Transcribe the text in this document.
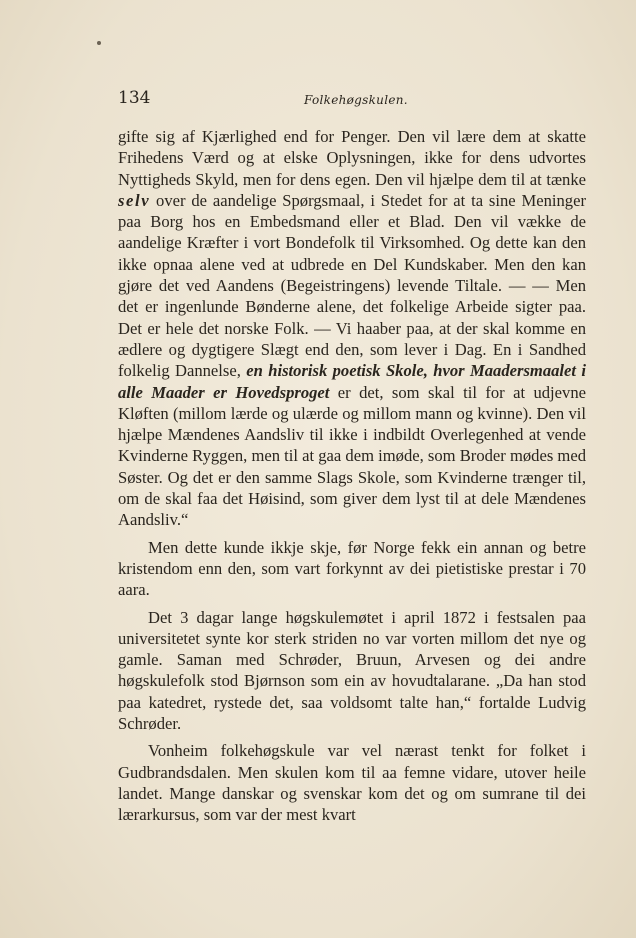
134	Folkehøgskulen.

gifte sig af Kjærlighed end for Penger. Den vil lære dem at skatte Frihedens Værd og at elske Oplysningen, ikke for dens udvortes Nyttigheds Skyld, men for dens egen. Den vil hjælpe dem til at tænke selv over de aandelige Spørgsmaal, i Stedet for at ta sine Meninger paa Borg hos en Embedsmand eller et Blad. Den vil vække de aandelige Kræfter i vort Bondefolk til Virksomhed. Og dette kan den ikke opnaa alene ved at udbrede en Del Kundskaber. Men den kan gjøre det ved Aandens (Begeistringens) levende Tiltale. — — Men det er ingenlunde Bønderne alene, det folkelige Arbeide sigter paa. Det er hele det norske Folk. — Vi haaber paa, at der skal komme en ædlere og dygtigere Slægt end den, som lever i Dag. En i Sandhed folkelig Dannelse, en historisk poetisk Skole, hvor Maadersmaalet i alle Maader er Hovedsproget er det, som skal til for at udjevne Kløften (millom lærde og ulærde og millom mann og kvinne). Den vil hjælpe Mændenes Aandsliv til ikke i indbildt Overlegenhed at vende Kvinderne Ryggen, men til at gaa dem imøde, som Broder mødes med Søster. Og det er den samme Slags Skole, som Kvinderne trænger til, om de skal faa det Høisind, som giver dem lyst til at dele Mændenes Aandsliv.“

Men dette kunde ikkje skje, før Norge fekk ein annan og betre kristendom enn den, som vart forkynnt av dei pietistiske prestar i 70 aara.

Det 3 dagar lange høgskulemøtet i april 1872 i festsalen paa universitetet synte kor sterk striden no var vorten millom det nye og gamle. Saman med Schrøder, Bruun, Arvesen og dei andre høgskulefolk stod Bjørnson som ein av hovudtalarane. „Da han stod paa katedret, rystede det, saa voldsomt talte han,“ fortalde Ludvig Schrøder.

Vonheim folkehøgskule var vel nærast tenkt for folket i Gudbrandsdalen. Men skulen kom til aa femne vidare, utover heile landet. Mange danskar og svenskar kom det og om sumrane til dei lærarkursus, som var der mest kvart
